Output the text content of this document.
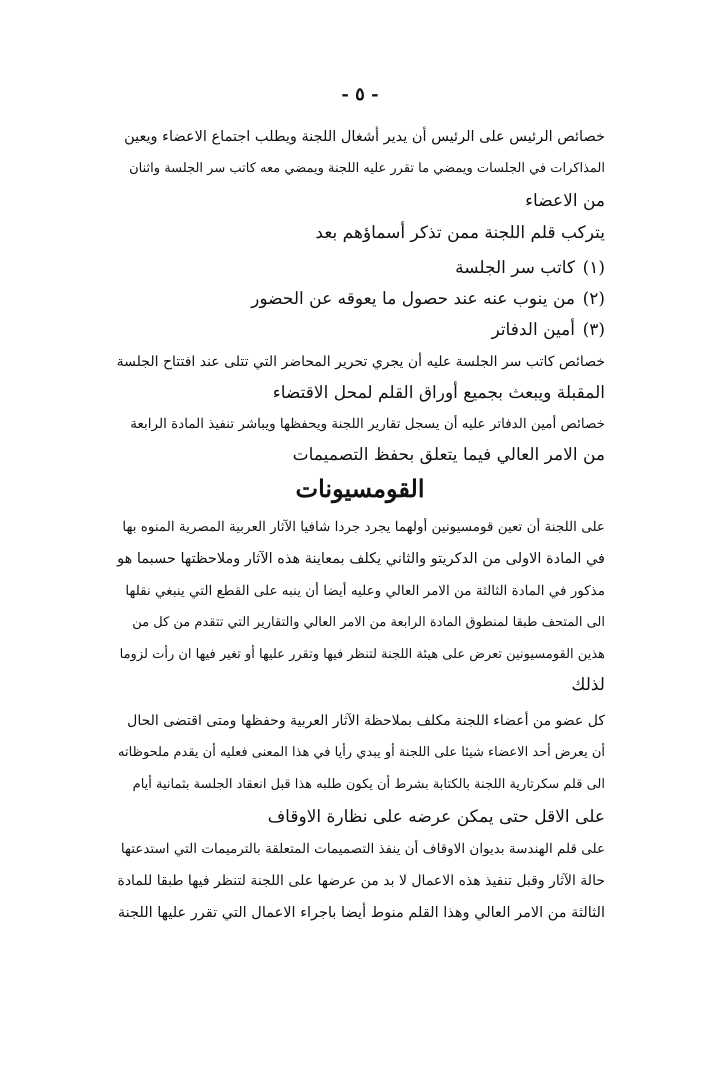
- ٥ -
خصائص الرئيس على الرئيس أن يدير أشغال اللجنة ويطلب اجتماع الاعضاء ويعين
المذاكرات في الجلسات ويمضي ما تقرر عليه اللجنة ويمضي معه كاتب سر الجلسة واثنان
من الاعضاء
يتركب قلم اللجنة ممن تذكر أسماؤهم بعد
(١)
كاتب سر الجلسة
(٢)
من ينوب عنه عند حصول ما يعوقه عن الحضور
(٣)
أمين الدفاتر
خصائص كاتب سر الجلسة عليه أن يجري تحرير المحاضر التي تتلى عند افتتاح الجلسة
المقبلة ويبعث بجميع أوراق القلم لمحل الاقتضاء
خصائص أمين الدفاتر عليه أن يسجل تقارير اللجنة ويحفظها ويباشر تنفيذ المادة الرابعة
من الامر العالي فيما يتعلق بحفظ التصميمات
القومسيونات
على اللجنة أن تعين قومسيونين أولهما يجرد جردا شافيا الآثار العربية المصرية المنوه بها
في المادة الاولى من الدكريتو والثاني يكلف بمعاينة هذه الآثار وملاحظتها حسبما هو
مذكور في المادة الثالثة من الامر العالي وعليه أيضا أن ينبه على القطع التي ينبغي نقلها
الى المتحف طبقا لمنطوق المادة الرابعة من الامر العالي والتقارير التي تتقدم من كل من
هذين القومسيونين تعرض على هيئة اللجنة لتنظر فيها وتقرر عليها أو تغير فيها ان رأت لزوما
لذلك
كل عضو من أعضاء اللجنة مكلف بملاحظة الآثار العربية وحفظها ومتى اقتضى الحال
أن يعرض أحد الاعضاء شيئا على اللجنة أو يبدي رأيا في هذا المعنى فعليه أن يقدم ملحوظاته
الى قلم سكرتارية اللجنة بالكتابة بشرط أن يكون طلبه هذا قبل انعقاد الجلسة بثمانية أيام
على الاقل حتى يمكن عرضه على نظارة الاوقاف
على قلم الهندسة بديوان الاوقاف أن ينفذ التصميمات المتعلقة بالترميمات التي استدعتها
حالة الآثار وقبل تنفيذ هذه الاعمال لا بد من عرضها على اللجنة لتنظر فيها طبقا للمادة
الثالثة من الامر العالي وهذا القلم منوط أيضا باجراء الاعمال التي تقرر عليها اللجنة
